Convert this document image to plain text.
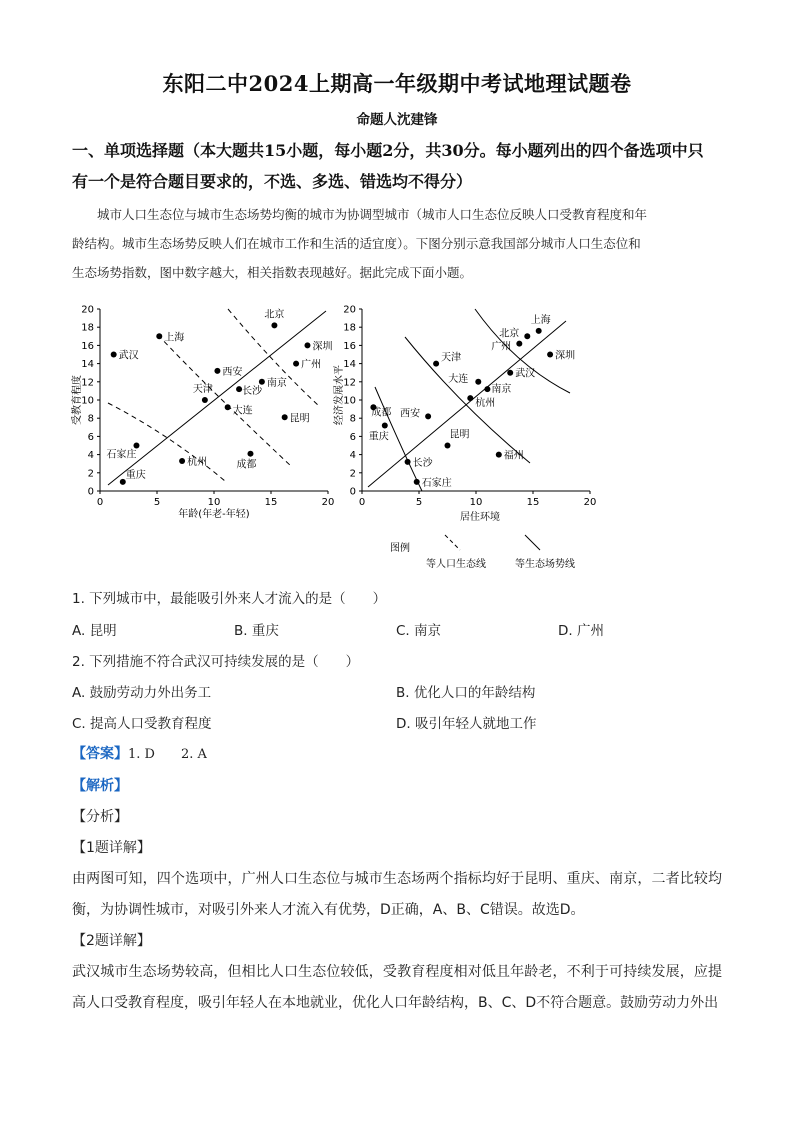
东阳二中2024上期高一年级期中考试地理试题卷
命题人沈建锋
一、单项选择题（本大题共15小题，每小题2分，共30分。每小题列出的四个备选项中只
有一个是符合题目要求的，不选、多选、错选均不得分）
城市人口生态位与城市生态场势均衡的城市为协调型城市（城市人口生态位反映人口受教育程度和年
龄结构。城市生态场势反映人们在城市工作和生活的适宜度）。下图分别示意我国部分城市人口生态位和
生态场势指数，图中数字越大，相关指数表现越好。据此完成下面小题。
0	5	10	15	20
0
2
4
6
8
10
12
14
16
18
20	北京
上海
深圳
武汉
广州
西安
南京
天津	长沙
大连
昆明
石家庄
杭州	成都
重庆
年龄(年老-年轻)
受教育程度
0	5	10	15	20
0
2
4
6
8
10
12
14
16
18
20
上海
北京
广州
深圳
天津
武汉
大连
南京
杭州
成都 西安
重庆	昆明
福州
长沙
石家庄
居住环境
经济发展水平
图例
等人口生态线	等生态场势线
1. 下列城市中，最能吸引外来人才流入的是（　　）
A. 昆明	B. 重庆	C. 南京	D. 广州
2. 下列措施不符合武汉可持续发展的是（　　）
A. 鼓励劳动力外出务工	B. 优化人口的年龄结构
C. 提高人口受教育程度	D. 吸引年轻人就地工作
【答案】1. D　　2. A
【解析】
【分析】
【1题详解】
由两图可知，四个选项中，广州人口生态位与城市生态场两个指标均好于昆明、重庆、南京，二者比较均衡，为协调性城市，对吸引外来人才流入有优势，D正确，A、B、C错误。故选D。
【2题详解】
武汉城市生态场势较高，但相比人口生态位较低，受教育程度相对低且年龄老，不利于可持续发展，应提高人口受教育程度，吸引年轻人在本地就业，优化人口年龄结构，B、C、D不符合题意。鼓励劳动力外出
